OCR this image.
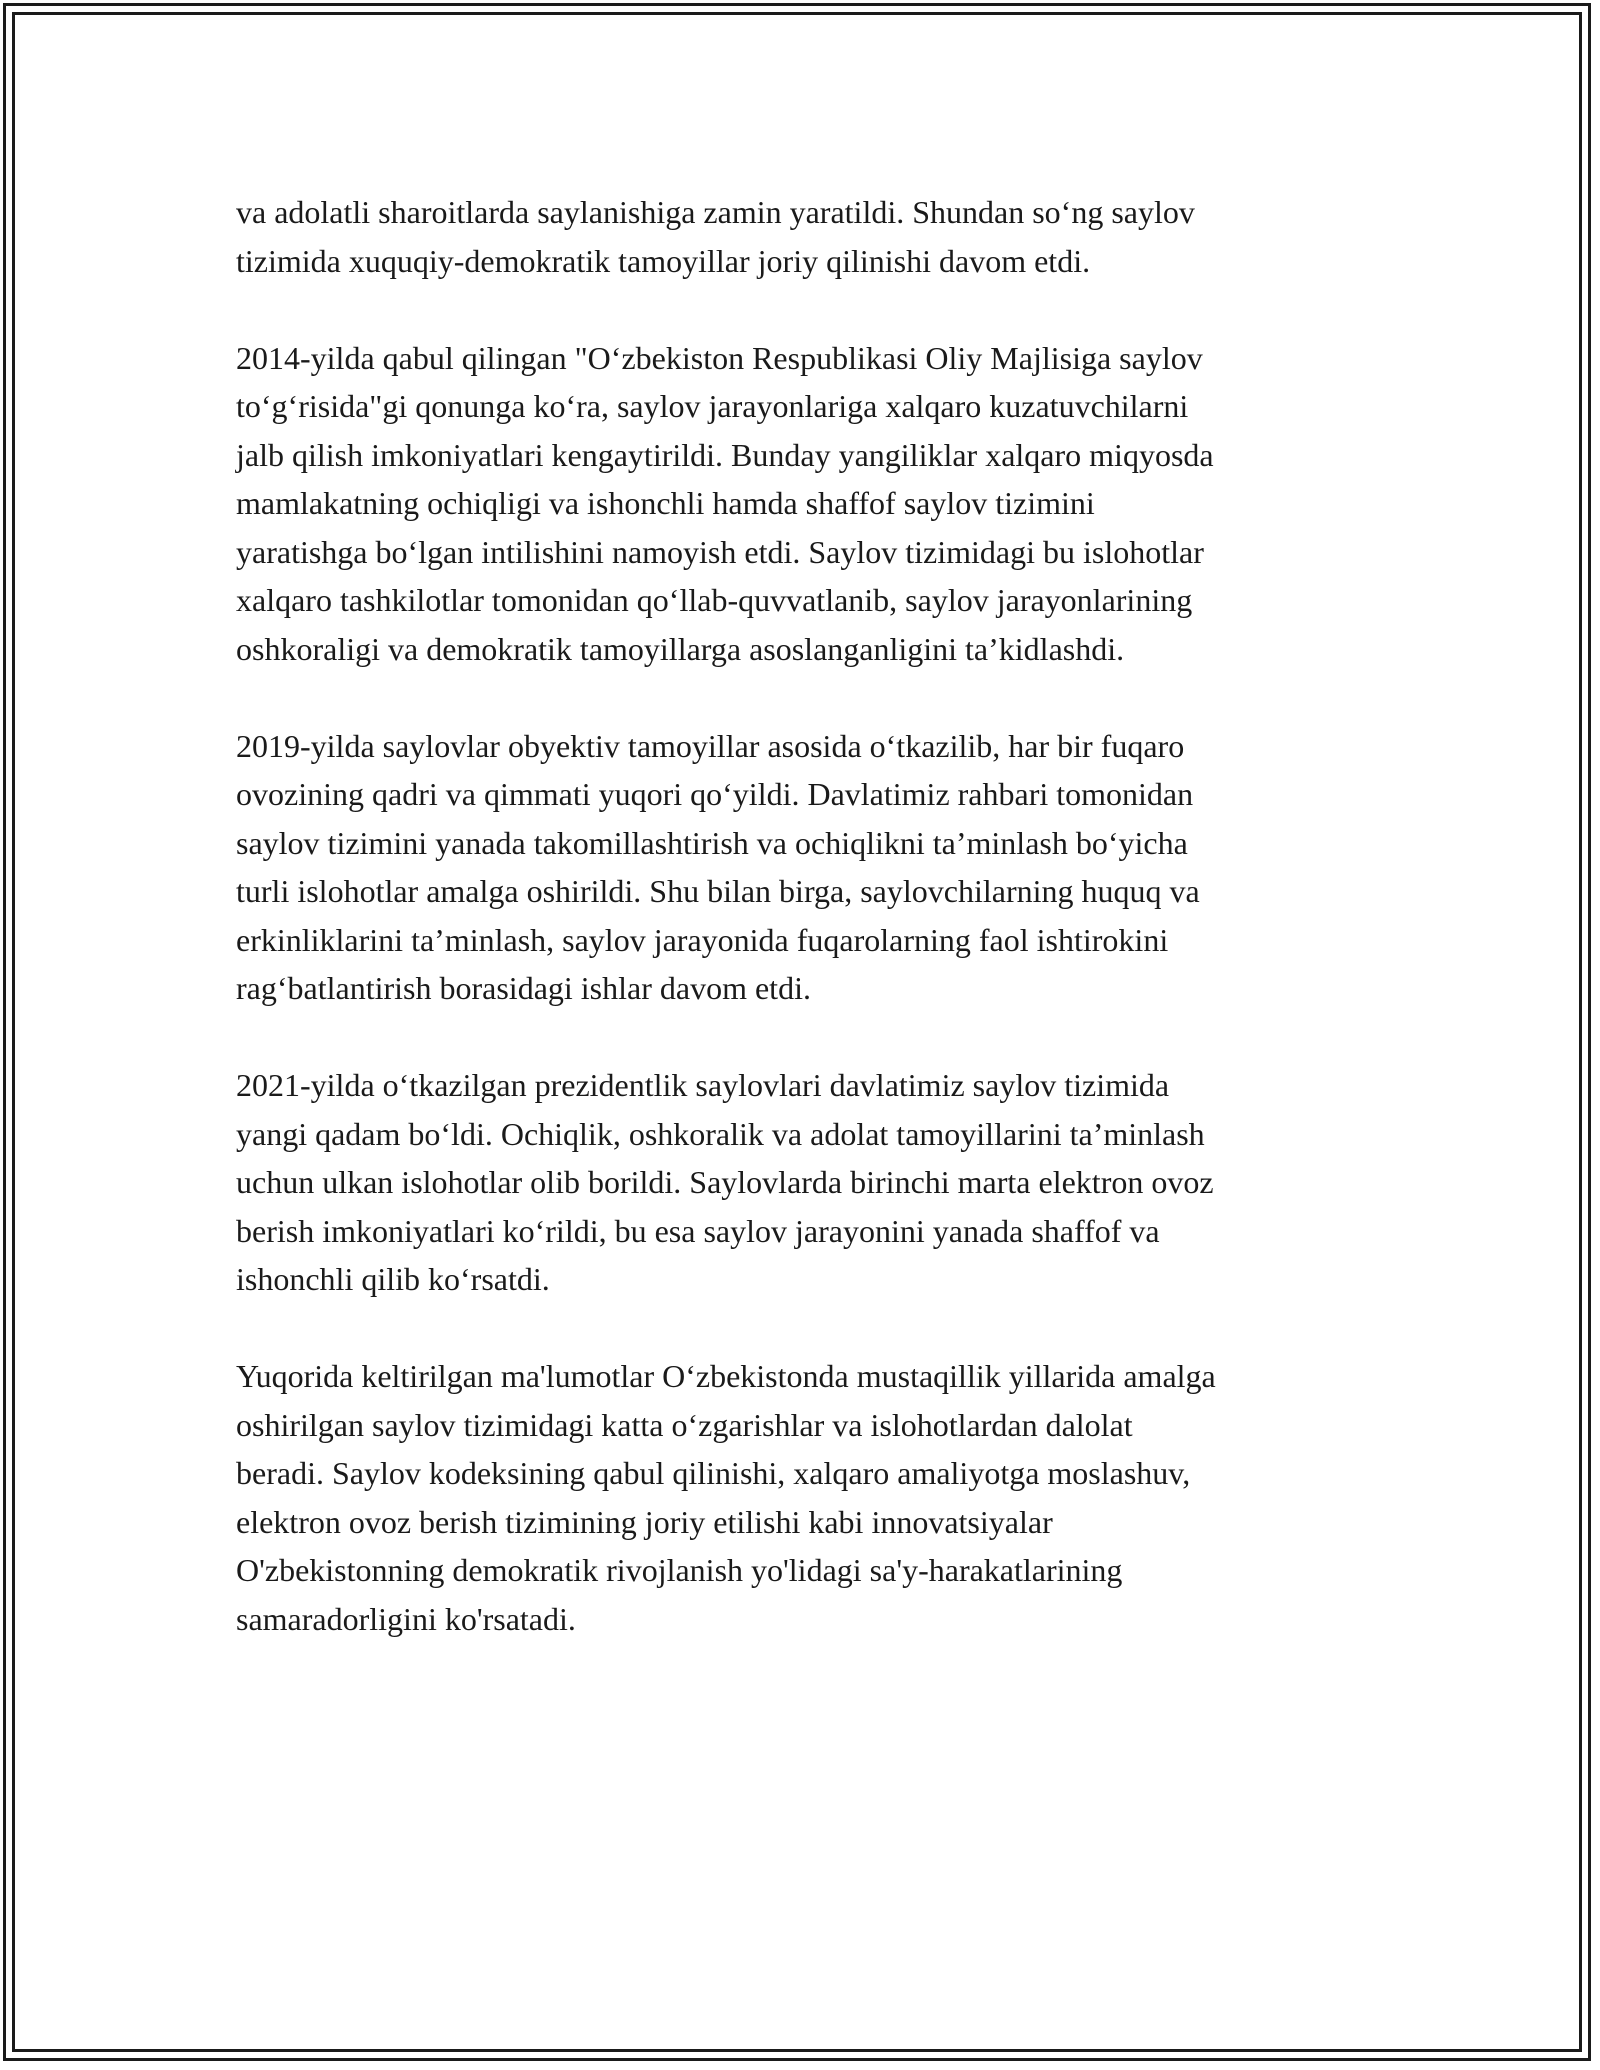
va adolatli sharoitlarda saylanishiga zamin yaratildi. Shundan so‘ng saylov
tizimida xuquqiy-demokratik tamoyillar joriy qilinishi davom etdi.

2014-yilda qabul qilingan "O‘zbekiston Respublikasi Oliy Majlisiga saylov
to‘g‘risida"gi qonunga ko‘ra, saylov jarayonlariga xalqaro kuzatuvchilarni
jalb qilish imkoniyatlari kengaytirildi. Bunday yangiliklar xalqaro miqyosda
mamlakatning ochiqligi va ishonchli hamda shaffof saylov tizimini
yaratishga bo‘lgan intilishini namoyish etdi. Saylov tizimidagi bu islohotlar
xalqaro tashkilotlar tomonidan qo‘llab-quvvatlanib, saylov jarayonlarining
oshkoraligi va demokratik tamoyillarga asoslanganligini ta’kidlashdi.

2019-yilda saylovlar obyektiv tamoyillar asosida o‘tkazilib, har bir fuqaro
ovozining qadri va qimmati yuqori qo‘yildi. Davlatimiz rahbari tomonidan
saylov tizimini yanada takomillashtirish va ochiqlikni ta’minlash bo‘yicha
turli islohotlar amalga oshirildi. Shu bilan birga, saylovchilarning huquq va
erkinliklarini ta’minlash, saylov jarayonida fuqarolarning faol ishtirokini
rag‘batlantirish borasidagi ishlar davom etdi.

2021-yilda o‘tkazilgan prezidentlik saylovlari davlatimiz saylov tizimida
yangi qadam bo‘ldi. Ochiqlik, oshkoralik va adolat tamoyillarini ta’minlash
uchun ulkan islohotlar olib borildi. Saylovlarda birinchi marta elektron ovoz
berish imkoniyatlari ko‘rildi, bu esa saylov jarayonini yanada shaffof va
ishonchli qilib ko‘rsatdi.

Yuqorida keltirilgan ma'lumotlar O‘zbekistonda mustaqillik yillarida amalga
oshirilgan saylov tizimidagi katta o‘zgarishlar va islohotlardan dalolat
beradi. Saylov kodeksining qabul qilinishi, xalqaro amaliyotga moslashuv,
elektron ovoz berish tizimining joriy etilishi kabi innovatsiyalar
O'zbekistonning demokratik rivojlanish yo'lidagi sa'y-harakatlarining
samaradorligini ko'rsatadi.
